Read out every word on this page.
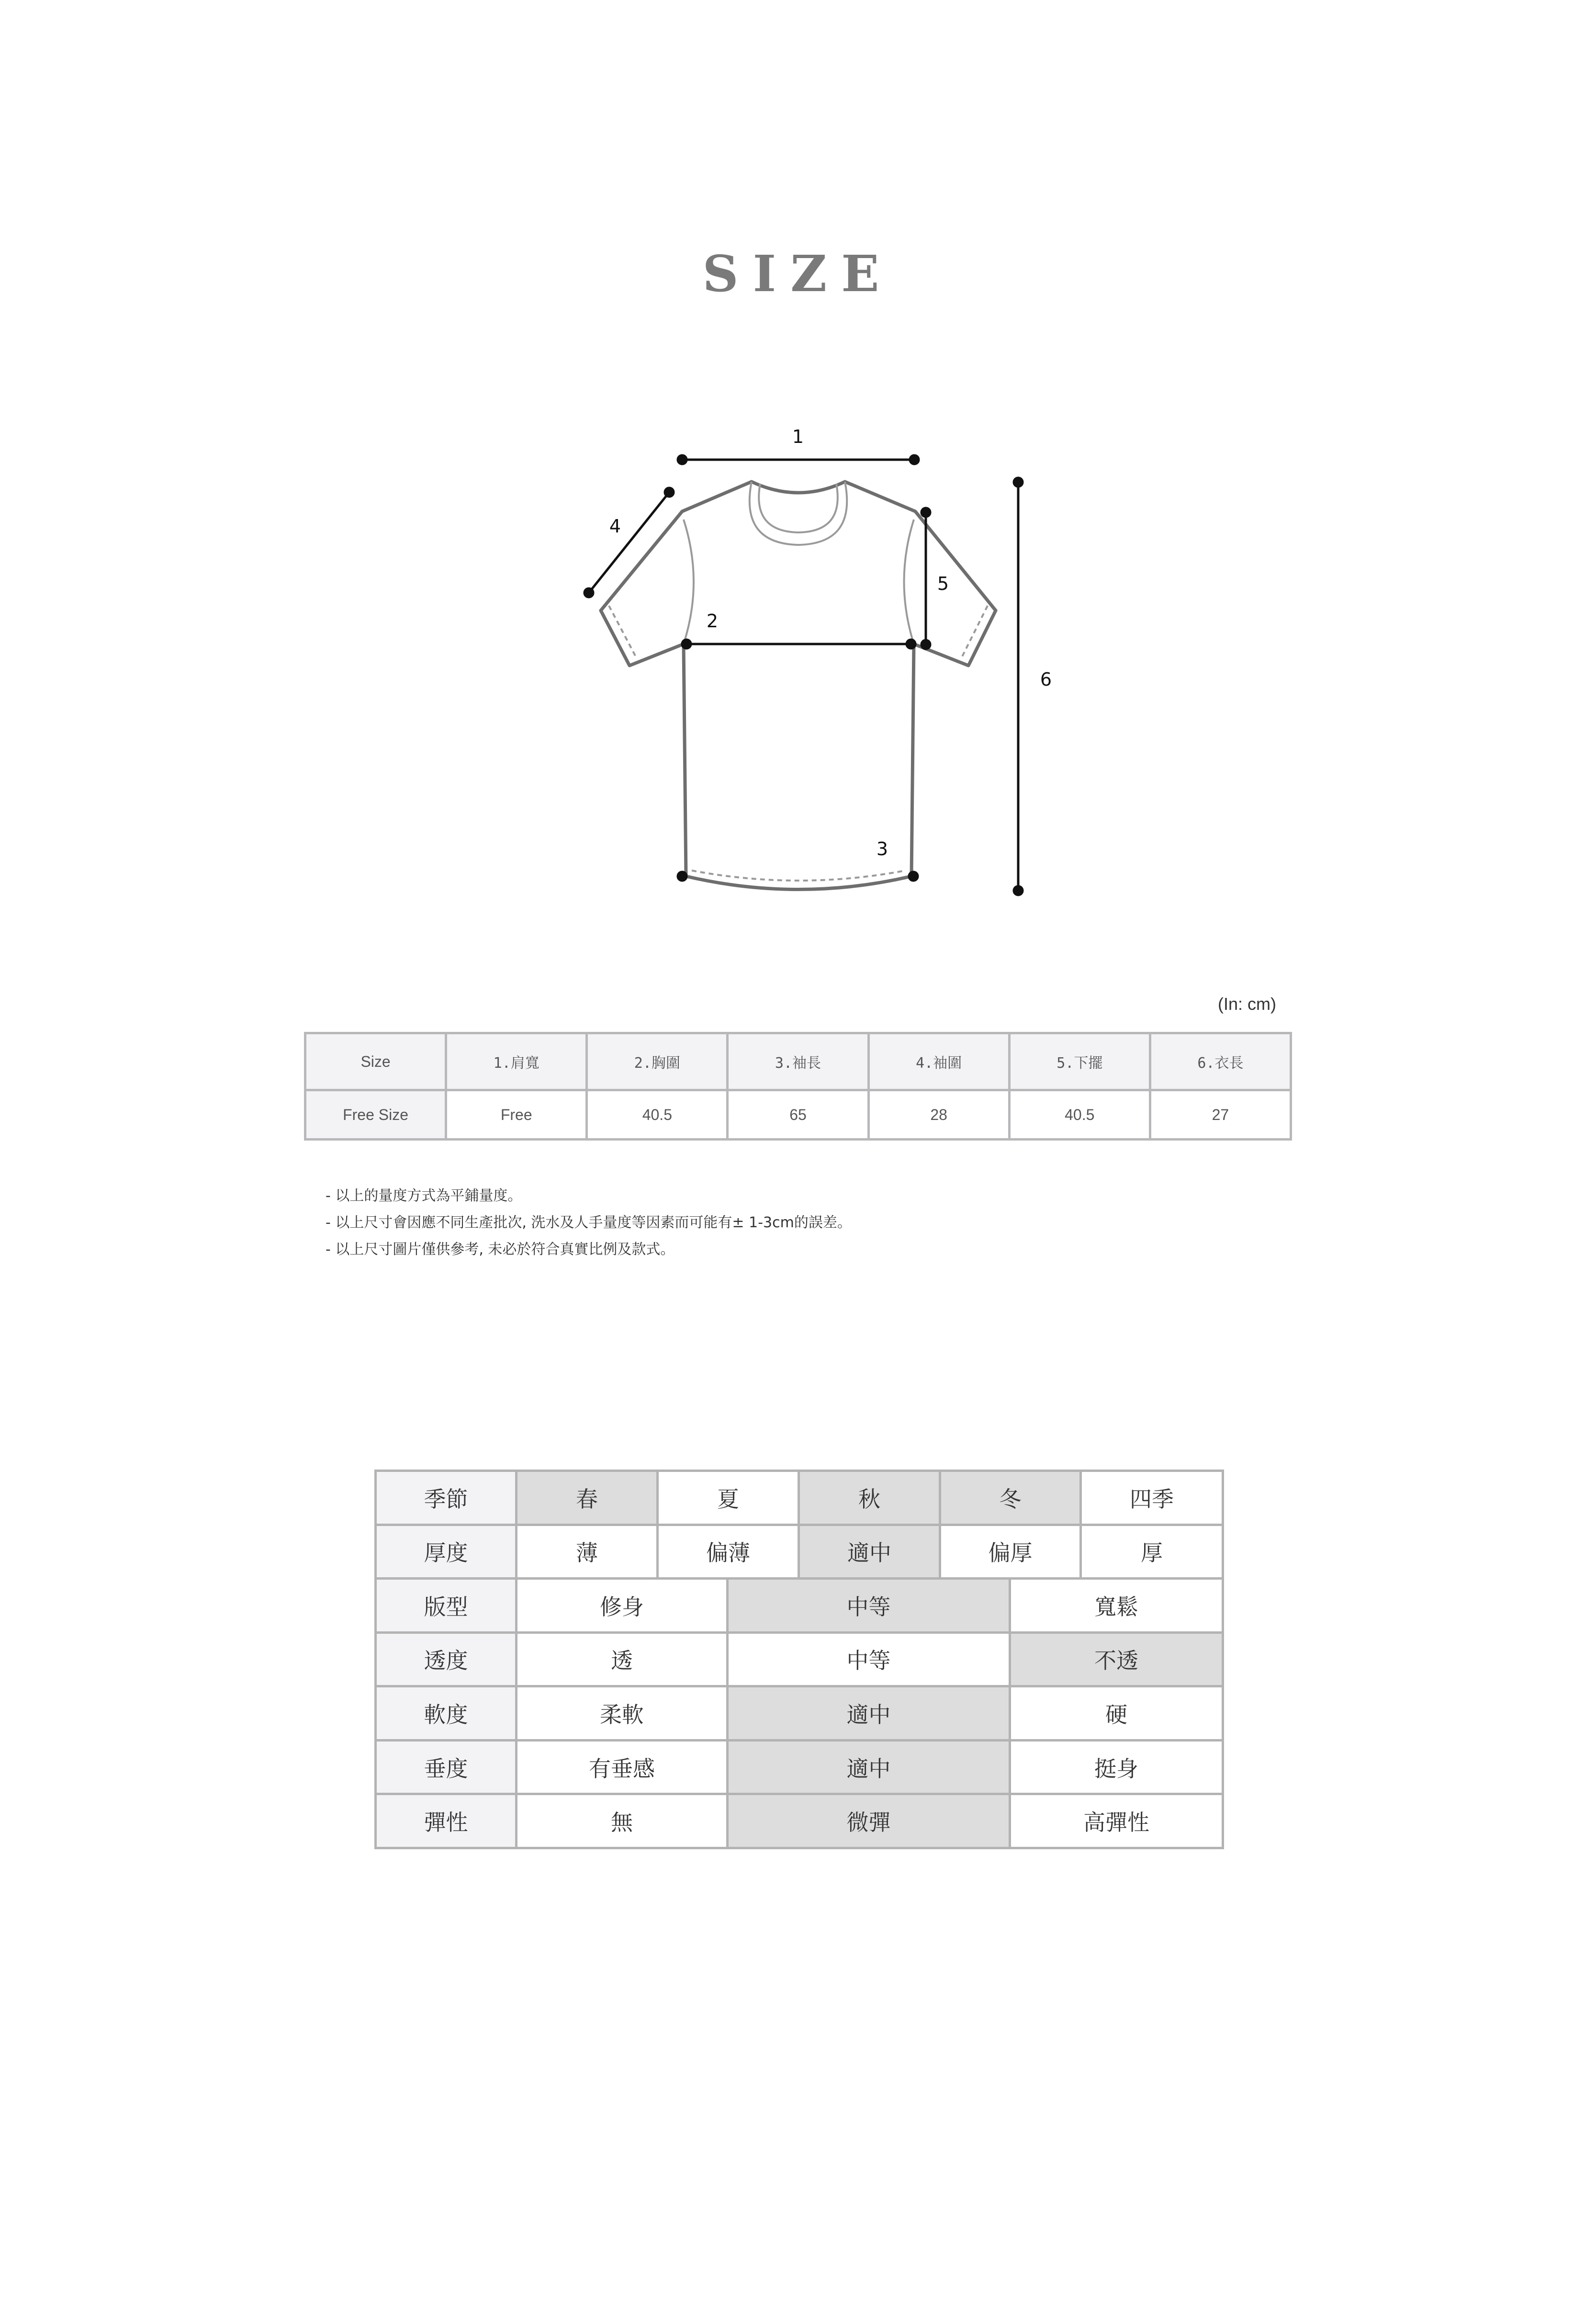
SIZE
1
2
3
4
5
6
(In: cm)
Size	1.肩寬	2.胸圍	3.袖長	4.袖圍	5.下擺	6.衣長
Free Size	Free	40.5	65	28	40.5	27
- 以上的量度方式為平鋪量度。
- 以上尺寸會因應不同生產批次, 洗水及人手量度等因素而可能有± 1-3cm的誤差。
- 以上尺寸圖片僅供參考, 未必於符合真實比例及款式。
季節	春	夏		秋	冬		四季
厚度	薄	偏薄		適中	偏厚		厚
版型	修身		中等			寬鬆	
透度	透		中等			不透	
軟度	柔軟		適中			硬	
垂度	有垂感		適中			挺身	
彈性	無		微彈			高彈性	
